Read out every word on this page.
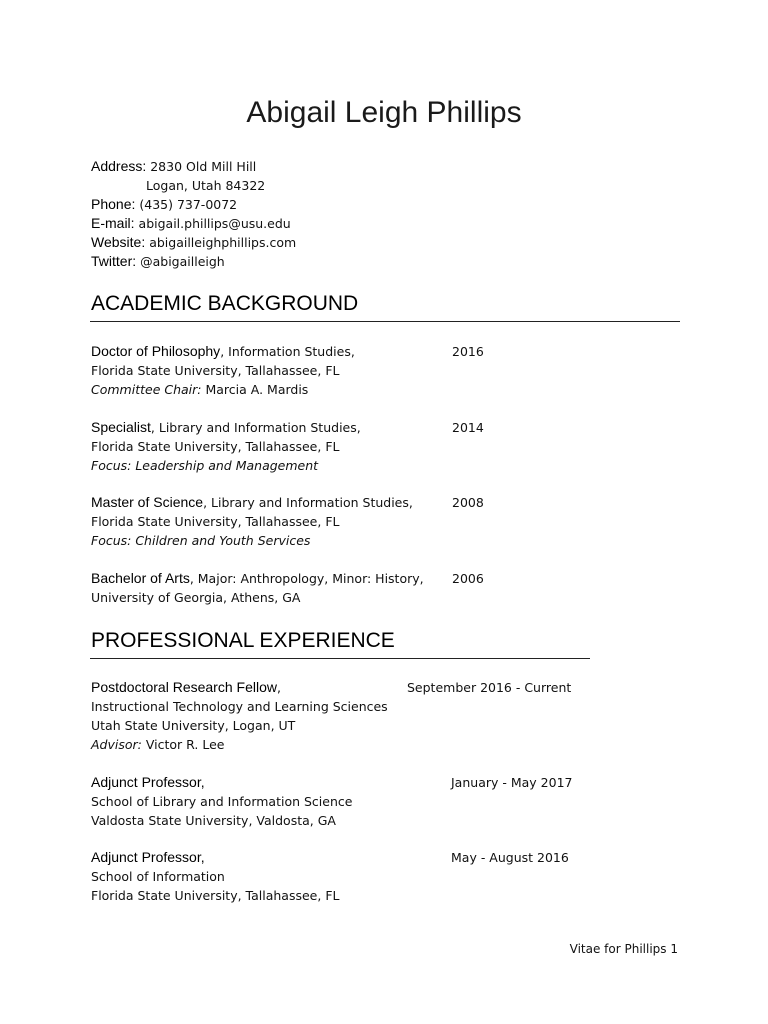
Abigail Leigh Phillips
Address: 2830 Old Mill Hill
Logan, Utah 84322
Phone: (435) 737-0072
E-mail: abigail.phillips@usu.edu
Website: abigailleighphillips.com
Twitter: @abigailleigh
ACADEMIC BACKGROUND
Doctor of Philosophy, Information Studies,
Florida State University, Tallahassee, FL
Committee Chair: Marcia A. Mardis
2016
Specialist, Library and Information Studies,
Florida State University, Tallahassee, FL
Focus: Leadership and Management
2014
Master of Science, Library and Information Studies,
Florida State University, Tallahassee, FL
Focus: Children and Youth Services
2008
Bachelor of Arts, Major: Anthropology, Minor: History,
University of Georgia, Athens, GA
2006
PROFESSIONAL EXPERIENCE
Postdoctoral Research Fellow,
Instructional Technology and Learning Sciences
Utah State University, Logan, UT
Advisor: Victor R. Lee
September 2016 - Current
Adjunct Professor,
School of Library and Information Science
Valdosta State University, Valdosta, GA
January - May 2017
Adjunct Professor,
School of Information
Florida State University, Tallahassee, FL
May - August 2016
Vitae for Phillips 1
